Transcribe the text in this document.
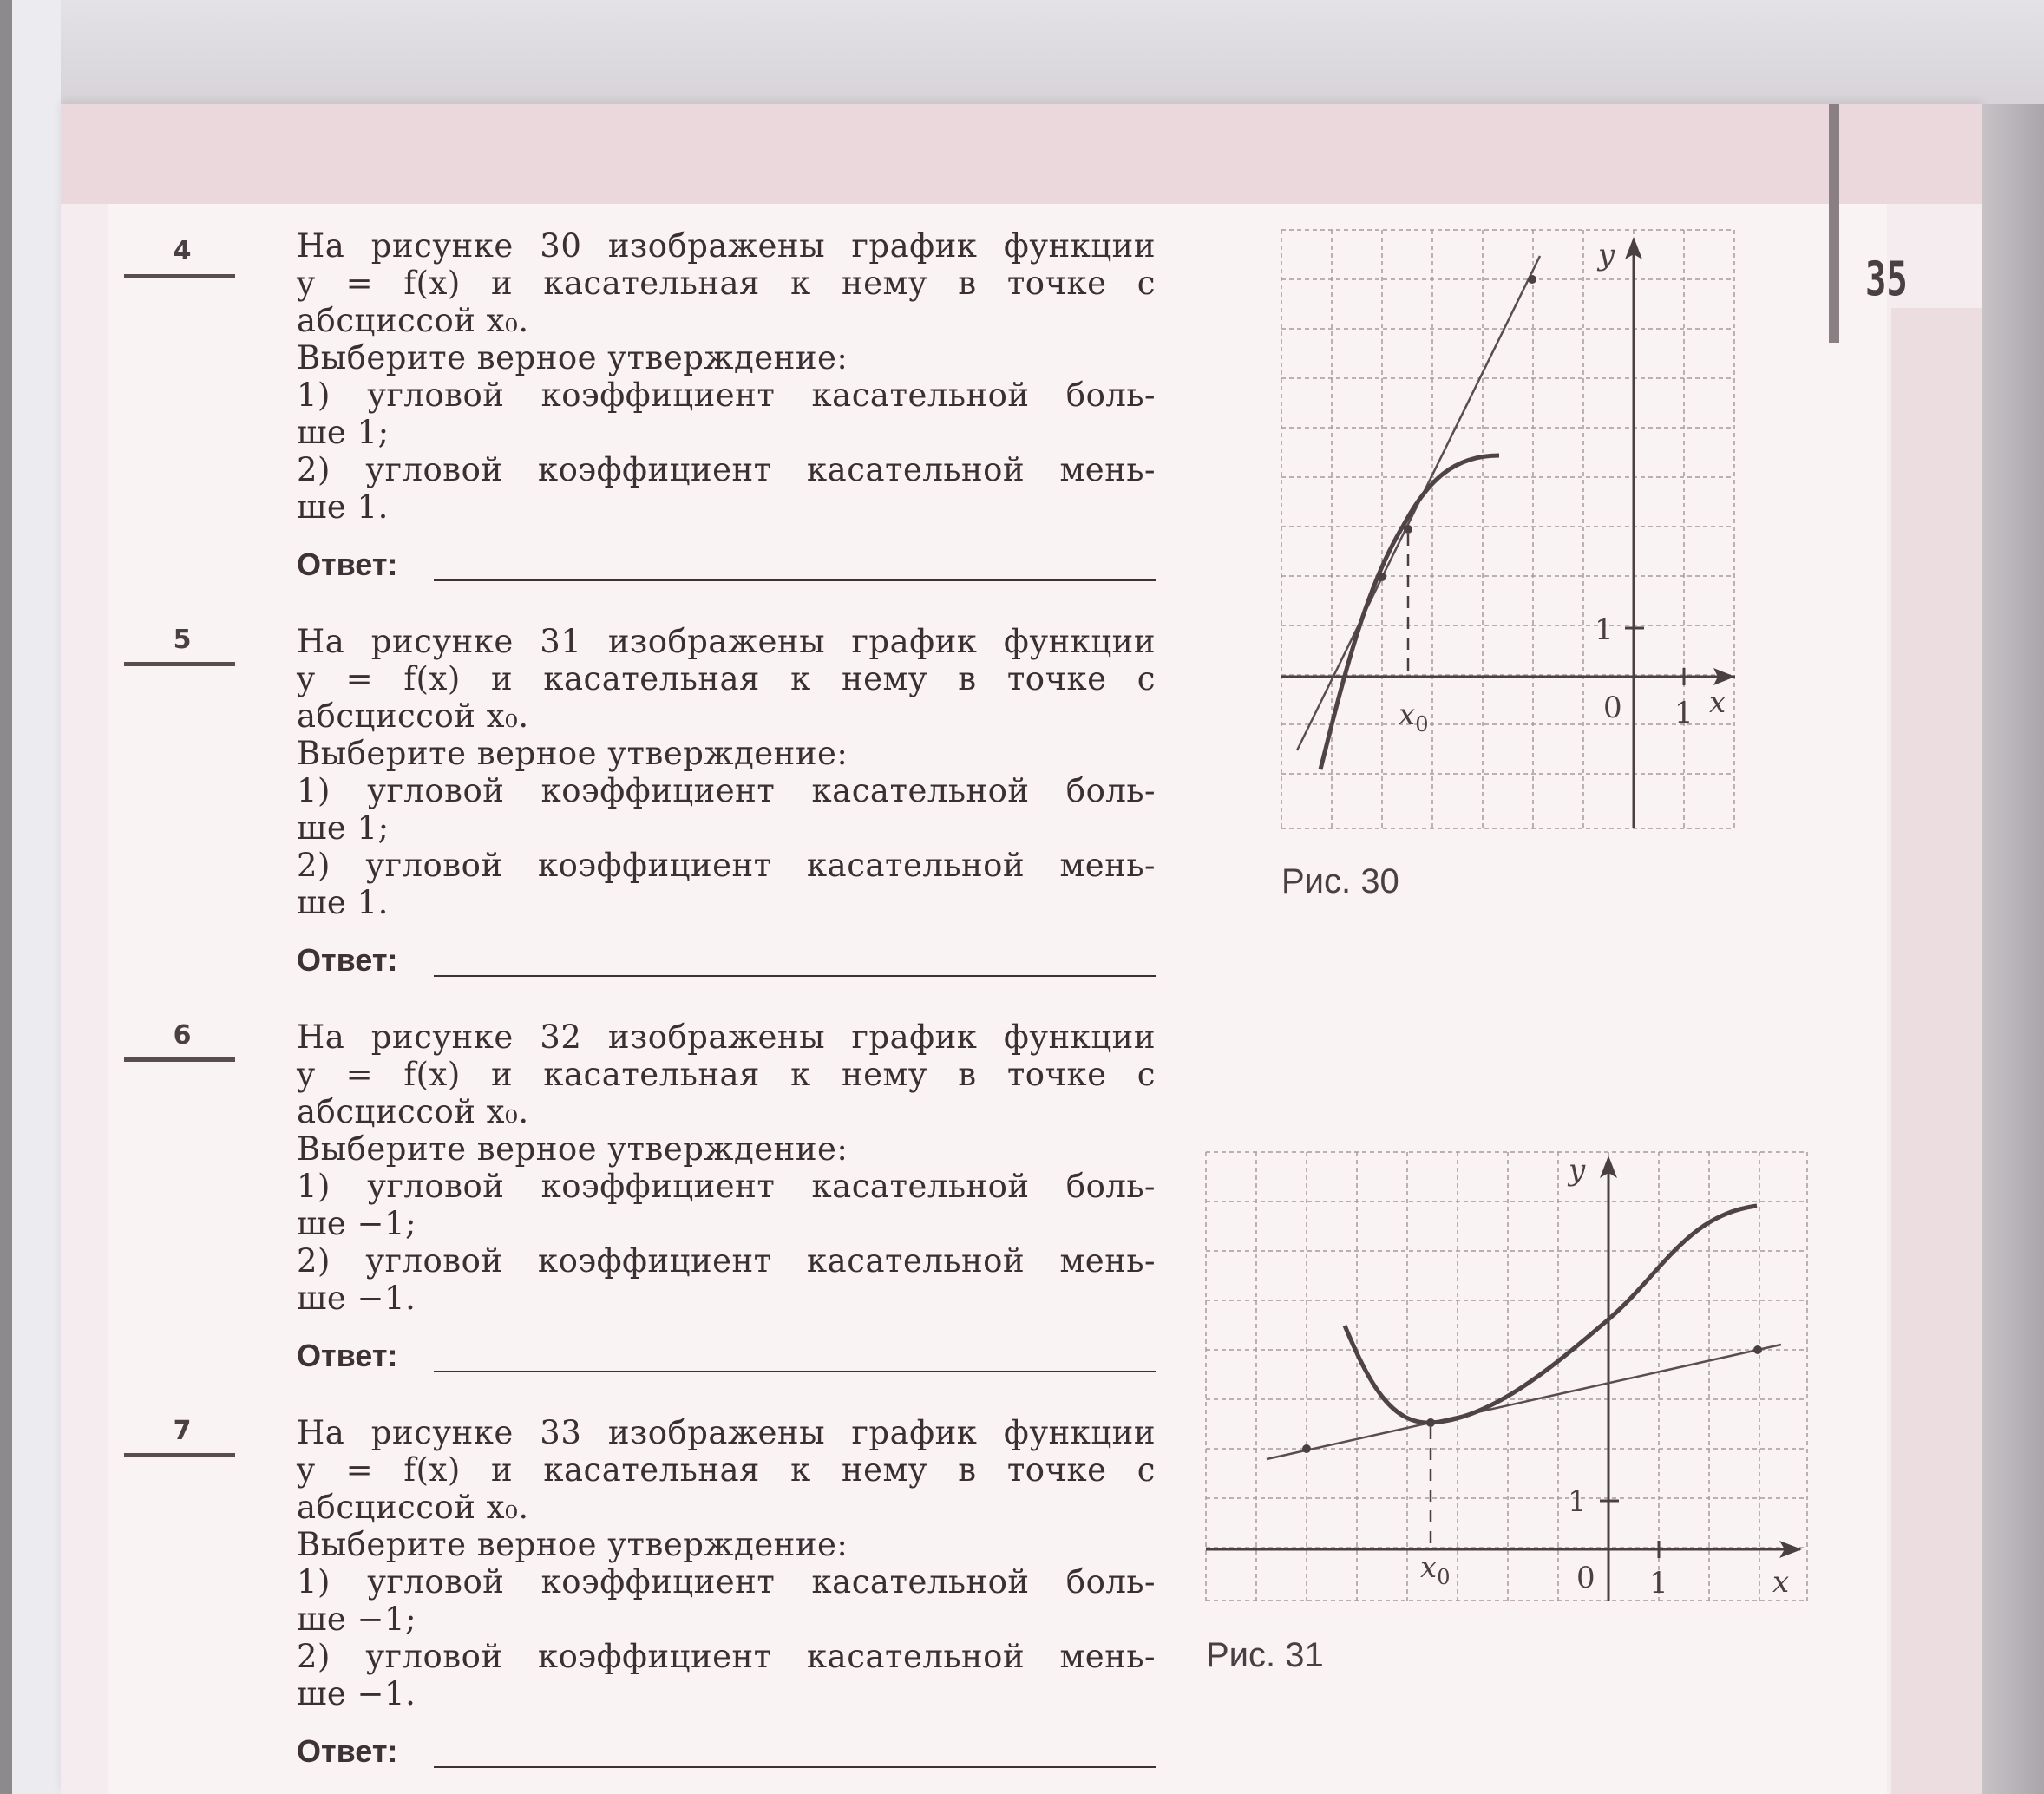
35
4	На рисунке 30 изображены график функции
y = f(x) и касательная к нему в точке с
абсциссой x₀.
Выберите верное утверждение:
1) угловой коэффициент касательной боль-
ше 1;
2) угловой коэффициент касательной мень-
ше 1.
Ответ:
5	На рисунке 31 изображены график функции
y = f(x) и касательная к нему в точке с
абсциссой x₀.
Выберите верное утверждение:
1) угловой коэффициент касательной боль-
ше 1;
2) угловой коэффициент касательной мень-
ше 1.
Ответ:
6	На рисунке 32 изображены график функции
y = f(x) и касательная к нему в точке с
абсциссой x₀.
Выберите верное утверждение:
1) угловой коэффициент касательной боль-
ше −1;
2) угловой коэффициент касательной мень-
ше −1.
Ответ:
7	На рисунке 33 изображены график функции
y = f(x) и касательная к нему в точке с
абсциссой x₀.
Выберите верное утверждение:
1) угловой коэффициент касательной боль-
ше −1;
2) угловой коэффициент касательной мень-
ше −1.
Ответ:
y
x
0 1
1
$x_0$
Рис. 30
y
x
0 1
1
$x_0$
Рис. 31
